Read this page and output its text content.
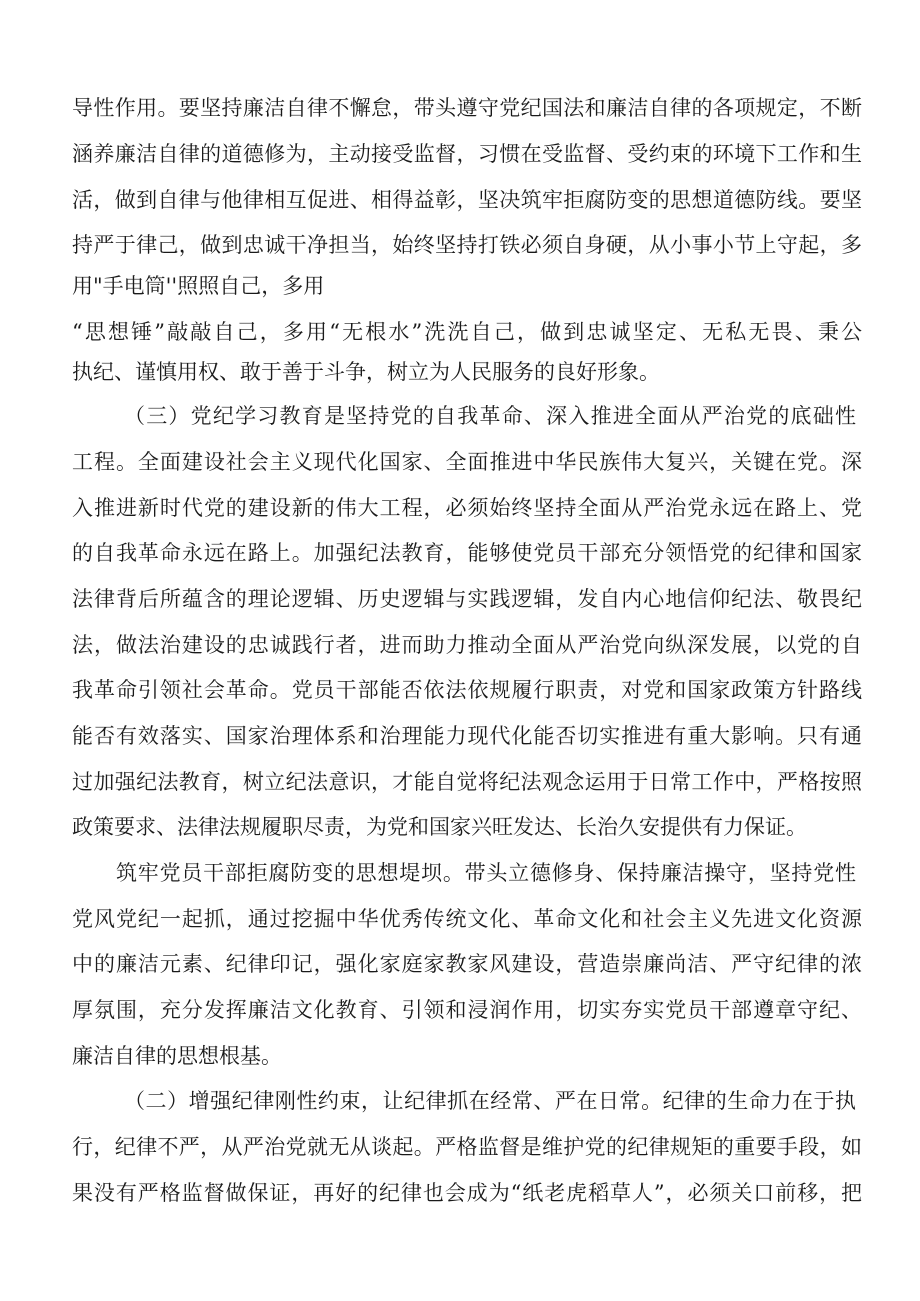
导性作用。要坚持廉洁自律不懈怠，带头遵守党纪国法和廉洁自律的各项规定，不断
涵养廉洁自律的道德修为，主动接受监督，习惯在受监督、受约束的环境下工作和生
活，做到自律与他律相互促进、相得益彰，坚决筑牢拒腐防变的思想道德防线。要坚
持严于律己，做到忠诚干净担当，始终坚持打铁必须自身硬，从小事小节上守起，多
用"手电筒''照照自己，多用
“思想锤”敲敲自己，多用“无根水”洗洗自己，做到忠诚坚定、无私无畏、秉公
执纪、谨慎用权、敢于善于斗争，树立为人民服务的良好形象。
（三）党纪学习教育是坚持党的自我革命、深入推进全面从严治党的底础性
工程。全面建设社会主义现代化国家、全面推进中华民族伟大复兴，关键在党。深
入推进新时代党的建设新的伟大工程，必须始终坚持全面从严治党永远在路上、党
的自我革命永远在路上。加强纪法教育，能够使党员干部充分领悟党的纪律和国家
法律背后所蕴含的理论逻辑、历史逻辑与实践逻辑，发自内心地信仰纪法、敬畏纪
法，做法治建设的忠诚践行者，进而助力推动全面从严治党向纵深发展，以党的自
我革命引领社会革命。党员干部能否依法依规履行职责，对党和国家政策方针路线
能否有效落实、国家治理体系和治理能力现代化能否切实推进有重大影响。只有通
过加强纪法教育，树立纪法意识，才能自觉将纪法观念运用于日常工作中，严格按照
政策要求、法律法规履职尽责，为党和国家兴旺发达、长治久安提供有力保证。
筑牢党员干部拒腐防变的思想堤坝。带头立德修身、保持廉洁操守，坚持党性
党风党纪一起抓，通过挖掘中华优秀传统文化、革命文化和社会主义先进文化资源
中的廉洁元素、纪律印记，强化家庭家教家风建设，营造崇廉尚洁、严守纪律的浓
厚氛围，充分发挥廉洁文化教育、引领和浸润作用，切实夯实党员干部遵章守纪、
廉洁自律的思想根基。
（二）增强纪律刚性约束，让纪律抓在经常、严在日常。纪律的生命力在于执
行，纪律不严，从严治党就无从谈起。严格监督是维护党的纪律规矩的重要手段，如
果没有严格监督做保证，再好的纪律也会成为“纸老虎稻草人”，必须关口前移，把
